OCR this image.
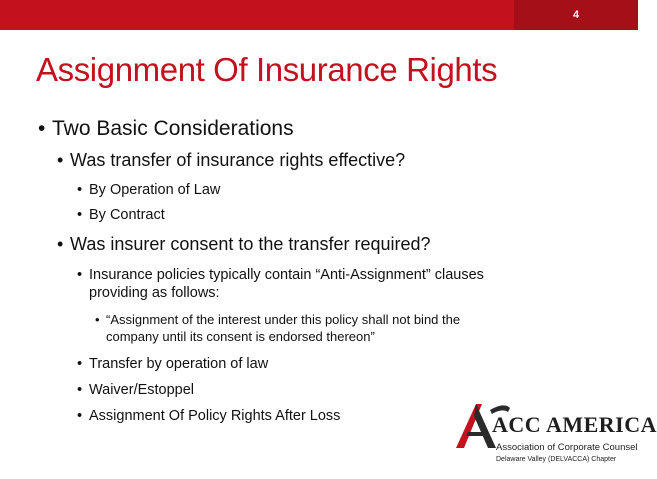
4
Assignment Of Insurance Rights
• Two Basic Considerations
• Was transfer of insurance rights effective?
• By Operation of Law
• By Contract
• Was insurer consent to the transfer required?
• Insurance policies typically contain “Anti-Assignment” clauses
providing as follows:
• “Assignment of the interest under this policy shall not bind the
company until its consent is endorsed thereon”
• Transfer by operation of law
• Waiver/Estoppel
• Assignment Of Policy Rights After Loss	ACC AMERICA
Association of Corporate Counsel
Delaware Valley (DELVACCA) Chapter
